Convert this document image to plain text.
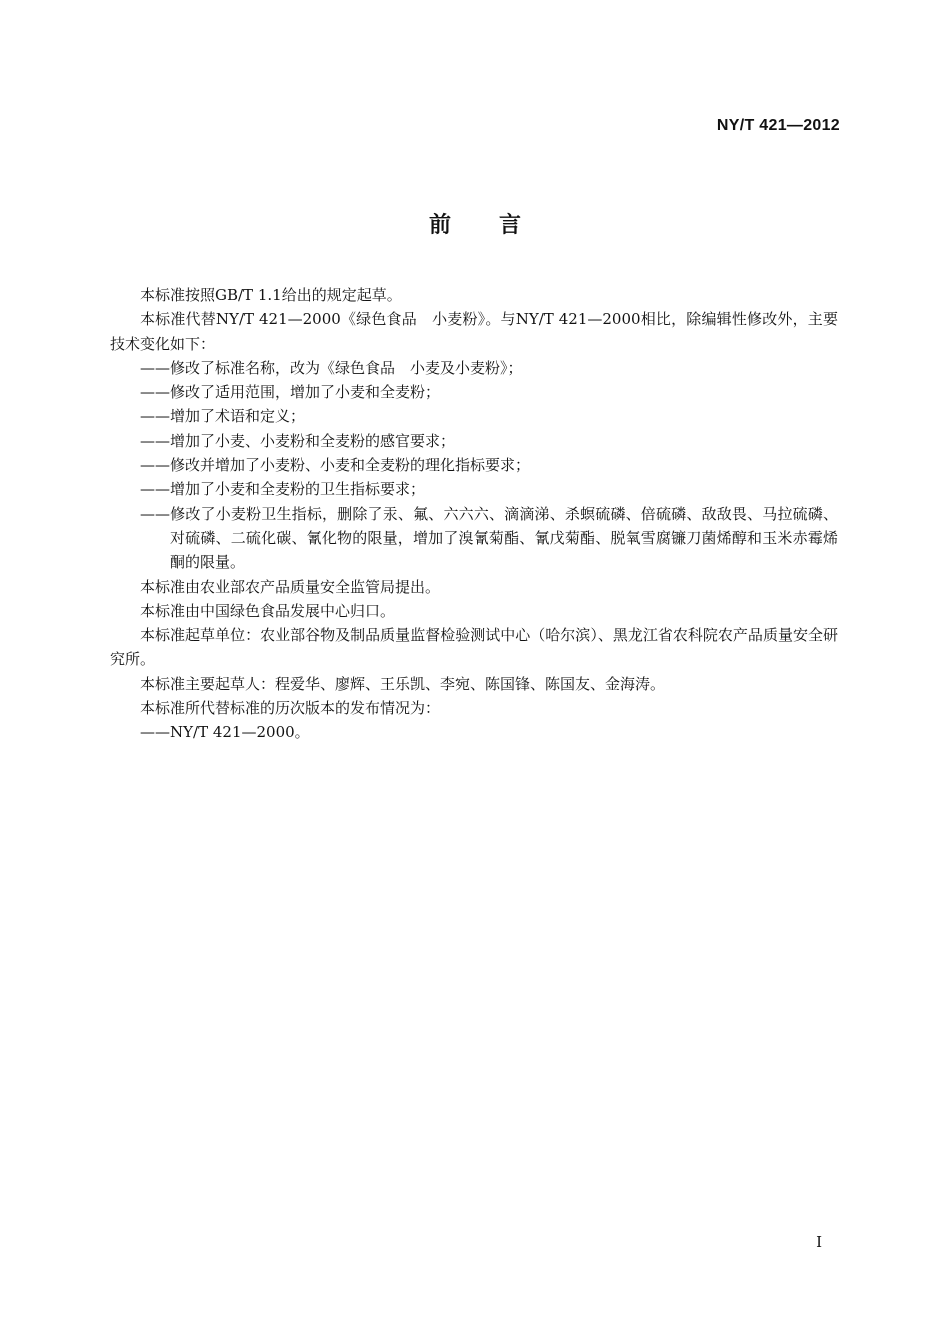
NY/T 421—2012
前言

本标准按照GB/T 1.1给出的规定起草。

本标准代替NY/T 421—2000《绿色食品　小麦粉》。与NY/T 421—2000相比，除编辑性修改外，主要技术变化如下：

——修改了标准名称，改为《绿色食品　小麦及小麦粉》；

——修改了适用范围，增加了小麦和全麦粉；

——增加了术语和定义；

——增加了小麦、小麦粉和全麦粉的感官要求；

——修改并增加了小麦粉、小麦和全麦粉的理化指标要求；

——增加了小麦和全麦粉的卫生指标要求；

——修改了小麦粉卫生指标，删除了汞、氟、六六六、滴滴涕、杀螟硫磷、倍硫磷、敌敌畏、马拉硫磷、对硫磷、二硫化碳、氰化物的限量，增加了溴氰菊酯、氰戊菊酯、脱氧雪腐镰刀菌烯醇和玉米赤霉烯酮的限量。

本标准由农业部农产品质量安全监管局提出。

本标准由中国绿色食品发展中心归口。

本标准起草单位：农业部谷物及制品质量监督检验测试中心（哈尔滨）、黑龙江省农科院农产品质量安全研究所。

本标准主要起草人：程爱华、廖辉、王乐凯、李宛、陈国锋、陈国友、金海涛。

本标准所代替标准的历次版本的发布情况为：

——NY/T 421—2000。

I
